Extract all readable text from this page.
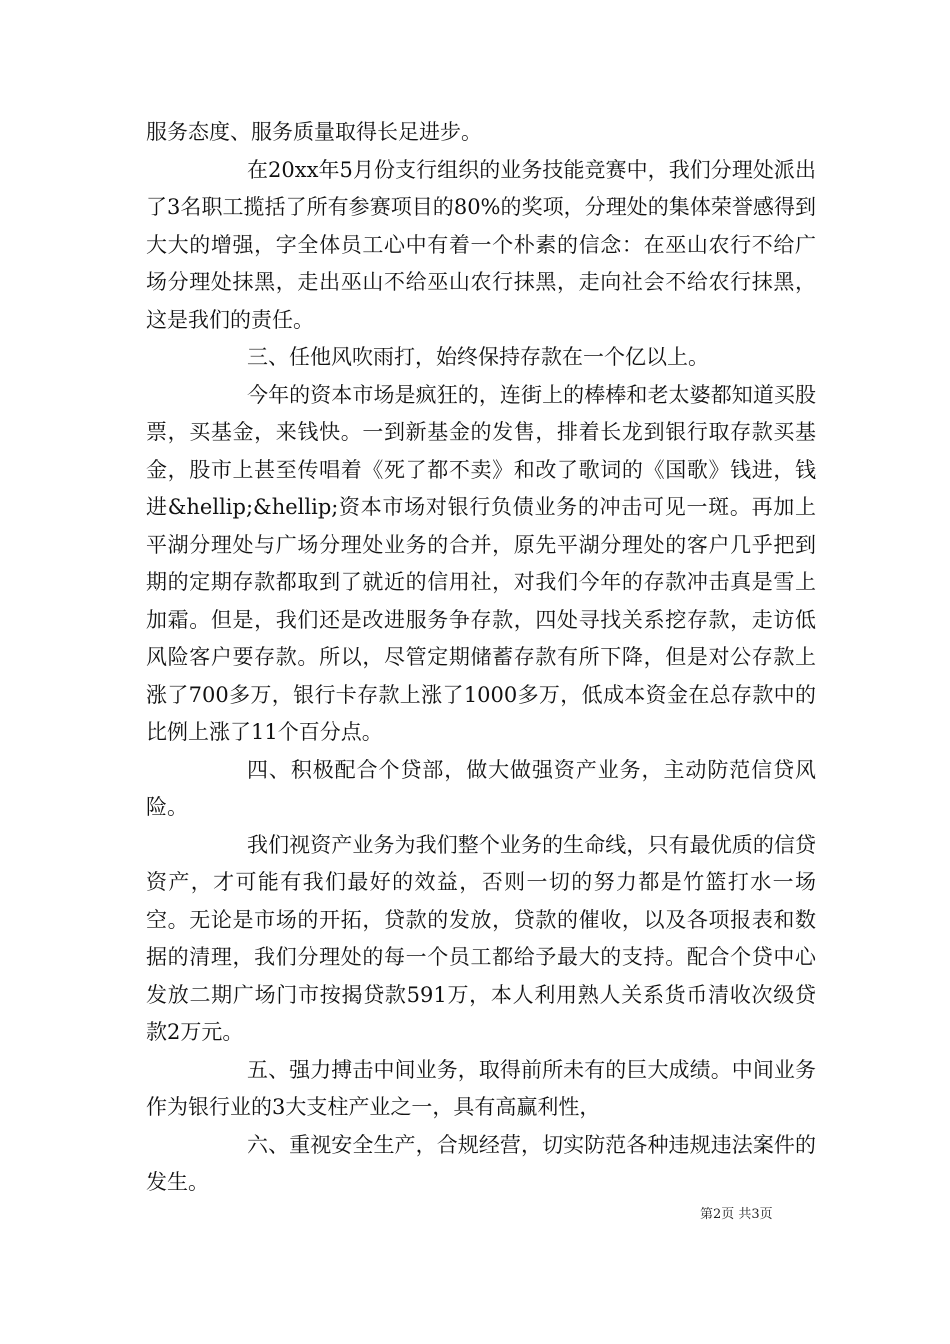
服务态度、服务质量取得长足进步。

在20xx年5月份支行组织的业务技能竞赛中，我们分理处派出了3名职工揽括了所有参赛项目的80%的奖项，分理处的集体荣誉感得到大大的增强，字全体员工心中有着一个朴素的信念：在巫山农行不给广场分理处抹黑，走出巫山不给巫山农行抹黑，走向社会不给农行抹黑，这是我们的责任。

三、任他风吹雨打，始终保持存款在一个亿以上。

今年的资本市场是疯狂的，连街上的棒棒和老太婆都知道买股票，买基金，来钱快。一到新基金的发售，排着长龙到银行取存款买基金，股市上甚至传唱着《死了都不卖》和改了歌词的《国歌》钱进，钱进&hellip;&hellip;资本市场对银行负债业务的冲击可见一斑。再加上平湖分理处与广场分理处业务的合并，原先平湖分理处的客户几乎把到期的定期存款都取到了就近的信用社，对我们今年的存款冲击真是雪上加霜。但是，我们还是改进服务争存款，四处寻找关系挖存款，走访低风险客户要存款。所以，尽管定期储蓄存款有所下降，但是对公存款上涨了700多万，银行卡存款上涨了1000多万，低成本资金在总存款中的比例上涨了11个百分点。

四、积极配合个贷部，做大做强资产业务，主动防范信贷风险。

我们视资产业务为我们整个业务的生命线，只有最优质的信贷资产，才可能有我们最好的效益，否则一切的努力都是竹篮打水一场空。无论是市场的开拓，贷款的发放，贷款的催收，以及各项报表和数据的清理，我们分理处的每一个员工都给予最大的支持。配合个贷中心发放二期广场门市按揭贷款591万，本人利用熟人关系货币清收次级贷款2万元。

五、强力搏击中间业务，取得前所未有的巨大成绩。中间业务作为银行业的3大支柱产业之一，具有高赢利性，

六、重视安全生产，合规经营，切实防范各种违规违法案件的发生。

第2页 共3页
